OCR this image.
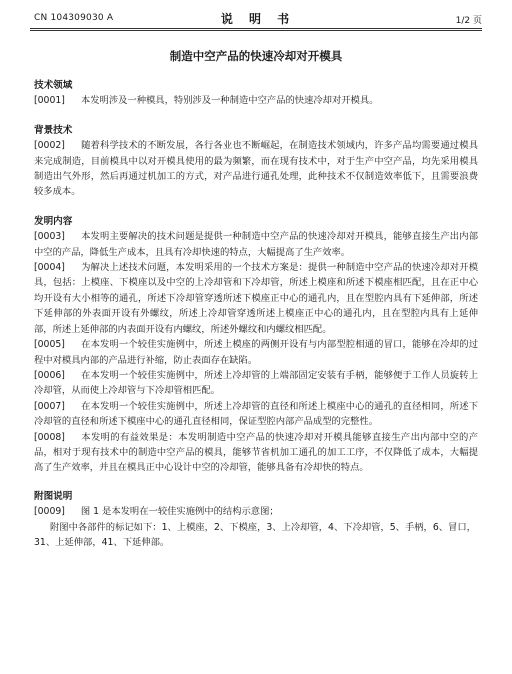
CN 104309030 A	说 明 书	1/2 页
制造中空产品的快速冷却对开模具

技术领域

[0001] 本发明涉及一种模具，特别涉及一种制造中空产品的快速冷却对开模具。

背景技术

[0002] 随着科学技术的不断发展，各行各业也不断崛起，在制造技术领域内，许多产品均需要通过模具来完成制造，目前模具中以对开模具使用的最为频繁，而在现有技术中，对于生产中空产品，均先采用模具制造出气外形，然后再通过机加工的方式，对产品进行通孔处理，此种技术不仅制造效率低下，且需要浪费较多成本。

发明内容

[0003] 本发明主要解决的技术问题是提供一种制造中空产品的快速冷却对开模具，能够直接生产出内部中空的产品，降低生产成本，且具有冷却快速的特点，大幅提高了生产效率。

[0004] 为解决上述技术问题，本发明采用的一个技术方案是：提供一种制造中空产品的快速冷却对开模具，包括：上模座、下模座以及中空的上冷却管和下冷却管，所述上模座和所述下模座相匹配，且在正中心均开设有大小相等的通孔，所述下冷却管穿透所述下模座正中心的通孔内，且在型腔内具有下延伸部，所述下延伸部的外表面开设有外螺纹，所述上冷却管穿透所述上模座正中心的通孔内，且在型腔内具有上延伸部，所述上延伸部的内表面开设有内螺纹，所述外螺纹和内螺纹相匹配。

[0005] 在本发明一个较佳实施例中，所述上模座的两侧开设有与内部型腔相通的冒口，能够在冷却的过程中对模具内部的产品进行补缩，防止表面存在缺陷。

[0006] 在本发明一个较佳实施例中，所述上冷却管的上端部固定安装有手柄，能够便于工作人员旋转上冷却管，从而使上冷却管与下冷却管相匹配。

[0007] 在本发明一个较佳实施例中，所述上冷却管的直径和所述上模座中心的通孔的直径相同，所述下冷却管的直径和所述下模座中心的通孔直径相同，保证型腔内部产品成型的完整性。

[0008] 本发明的有益效果是：本发明制造中空产品的快速冷却对开模具能够直接生产出内部中空的产品，相对于现有技术中的制造中空产品的模具，能够节省机加工通孔的加工工序，不仅降低了成本，大幅提高了生产效率，并且在模具正中心设计中空的冷却管，能够具备有冷却快的特点。

附图说明

[0009] 图 1 是本发明在一较佳实施例中的结构示意图；

附图中各部件的标记如下：1、上模座，2、下模座，3、上冷却管，4、下冷却管，5、手柄，6、冒口，31、上延伸部，41、下延伸部。
